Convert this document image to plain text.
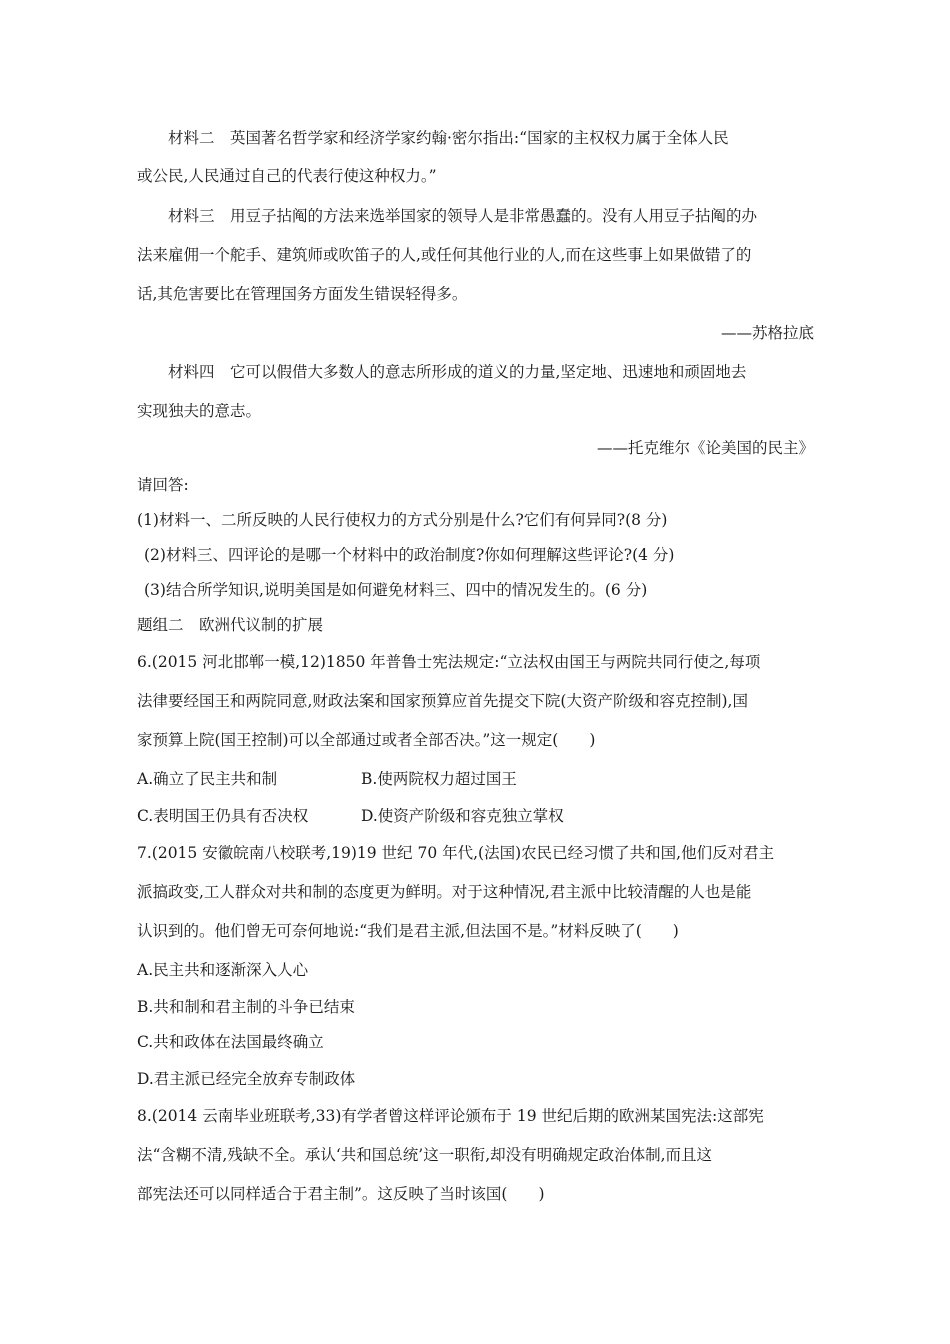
材料二　英国著名哲学家和经济学家约翰·密尔指出:“国家的主权权力属于全体人民
或公民,人民通过自己的代表行使这种权力。”
材料三　用豆子拈阄的方法来选举国家的领导人是非常愚蠢的。没有人用豆子拈阄的办
法来雇佣一个舵手、建筑师或吹笛子的人,或任何其他行业的人,而在这些事上如果做错了的
话,其危害要比在管理国务方面发生错误轻得多。
——苏格拉底
材料四　它可以假借大多数人的意志所形成的道义的力量,坚定地、迅速地和顽固地去
实现独夫的意志。
——托克维尔《论美国的民主》
请回答:
(1)材料一、二所反映的人民行使权力的方式分别是什么?它们有何异同?(8 分)
(2)材料三、四评论的是哪一个材料中的政治制度?你如何理解这些评论?(4 分)
(3)结合所学知识,说明美国是如何避免材料三、四中的情况发生的。(6 分)
题组二　欧洲代议制的扩展
6.(2015 河北邯郸一模,12)1850 年普鲁士宪法规定:“立法权由国王与两院共同行使之,每项
法律要经国王和两院同意,财政法案和国家预算应首先提交下院(大资产阶级和容克控制),国
家预算上院(国王控制)可以全部通过或者全部否决。”这一规定(　　)
A.确立了民主共和制	B.使两院权力超过国王
C.表明国王仍具有否决权	D.使资产阶级和容克独立掌权
7.(2015 安徽皖南八校联考,19)19 世纪 70 年代,(法国)农民已经习惯了共和国,他们反对君主
派搞政变,工人群众对共和制的态度更为鲜明。对于这种情况,君主派中比较清醒的人也是能
认识到的。他们曾无可奈何地说:“我们是君主派,但法国不是。”材料反映了(　　)
A.民主共和逐渐深入人心
B.共和制和君主制的斗争已结束
C.共和政体在法国最终确立
D.君主派已经完全放弃专制政体
8.(2014 云南毕业班联考,33)有学者曾这样评论颁布于 19 世纪后期的欧洲某国宪法:这部宪
法“含糊不清,残缺不全。承认‘共和国总统’这一职衔,却没有明确规定政治体制,而且这
部宪法还可以同样适合于君主制”。这反映了当时该国(　　)
